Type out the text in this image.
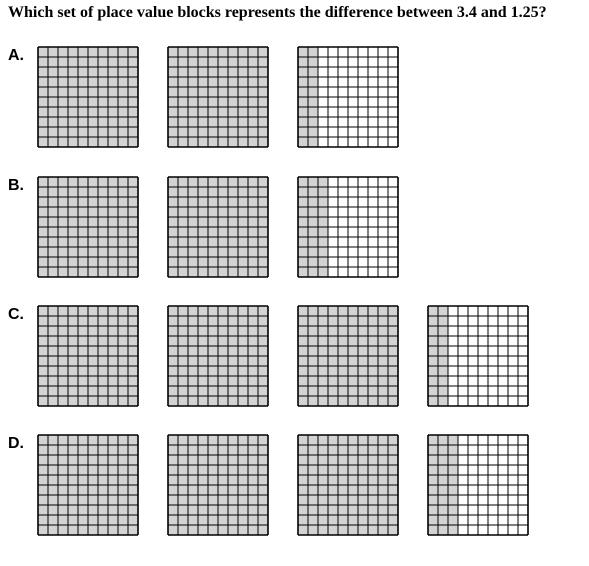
Which set of place value blocks represents the difference between 3.4 and 1.25?
A.
B.
C.
D.
